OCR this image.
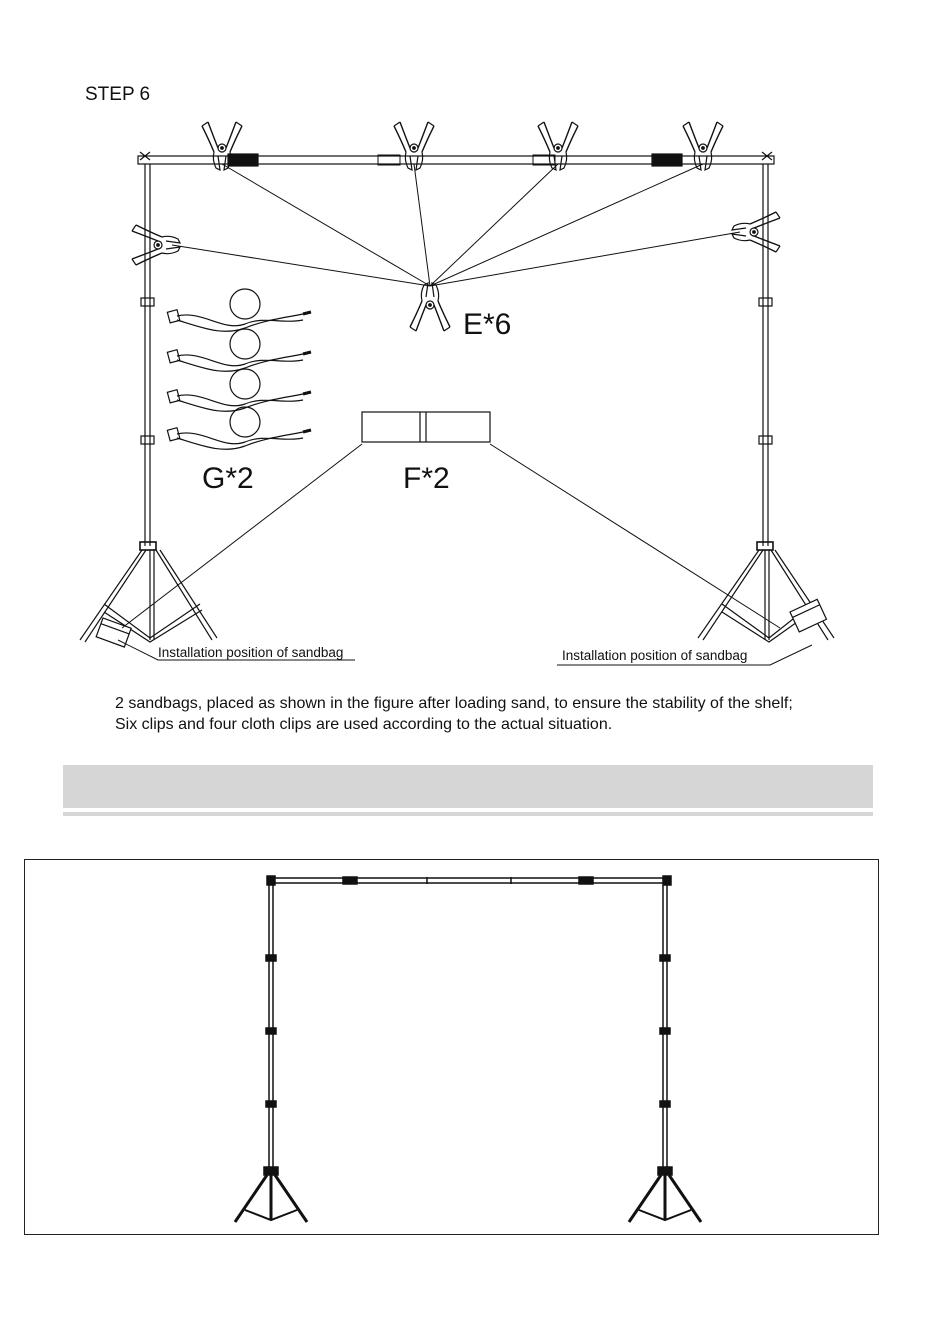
STEP 6
E*6
G*2	F*2
Installation position of sandbag	Installation position of sandbag
2 sandbags, placed as shown in the figure after loading sand, to ensure the stability of the shelf;
Six clips and four cloth clips are used according to the actual situation.
